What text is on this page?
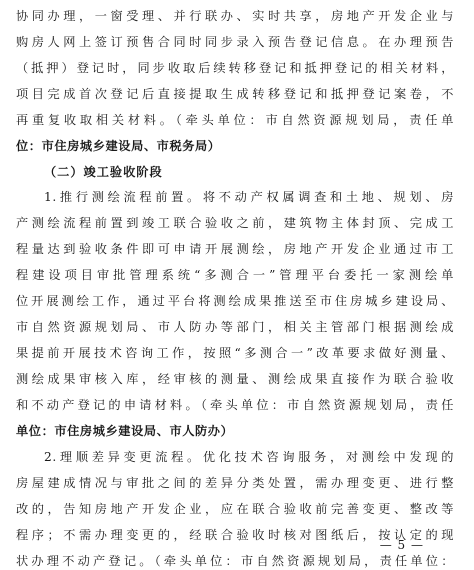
协同办理，一窗受理、并行联办、实时共享，房地产开发企业与
购房人网上签订预售合同时同步录入预告登记信息。在办理预告
（抵押）登记时，同步收取后续转移登记和抵押登记的相关材料，
项目完成首次登记后直接提取生成转移登记和抵押登记案卷，不
再重复收取相关材料。（牵头单位：市自然资源规划局，责任单
位：市住房城乡建设局、市税务局）
（二）竣工验收阶段
1.推行测绘流程前置。将不动产权属调查和土地、规划、房
产测绘流程前置到竣工联合验收之前，建筑物主体封顶、完成工
程量达到验收条件即可申请开展测绘，房地产开发企业通过市工
程建设项目审批管理系统“多测合一”管理平台委托一家测绘单
位开展测绘工作，通过平台将测绘成果推送至市住房城乡建设局、
市自然资源规划局、市人防办等部门，相关主管部门根据测绘成
果提前开展技术咨询工作，按照“多测合一”改革要求做好测量、
测绘成果审核入库，经审核的测量、测绘成果直接作为联合验收
和不动产登记的申请材料。（牵头单位：市自然资源规划局，责任
单位：市住房城乡建设局、市人防办）
2.理顺差异变更流程。优化技术咨询服务，对测绘中发现的
房屋建成情况与审批之间的差异分类处置，需办理变更、进行整
改的，告知房地产开发企业，应在联合验收前完善变更、整改等
程序；不需办理变更的，经联合验收时核对图纸后，按认定的现
状办理不动产登记。（牵头单位：市自然资源规划局，责任单位：
— 5 —
